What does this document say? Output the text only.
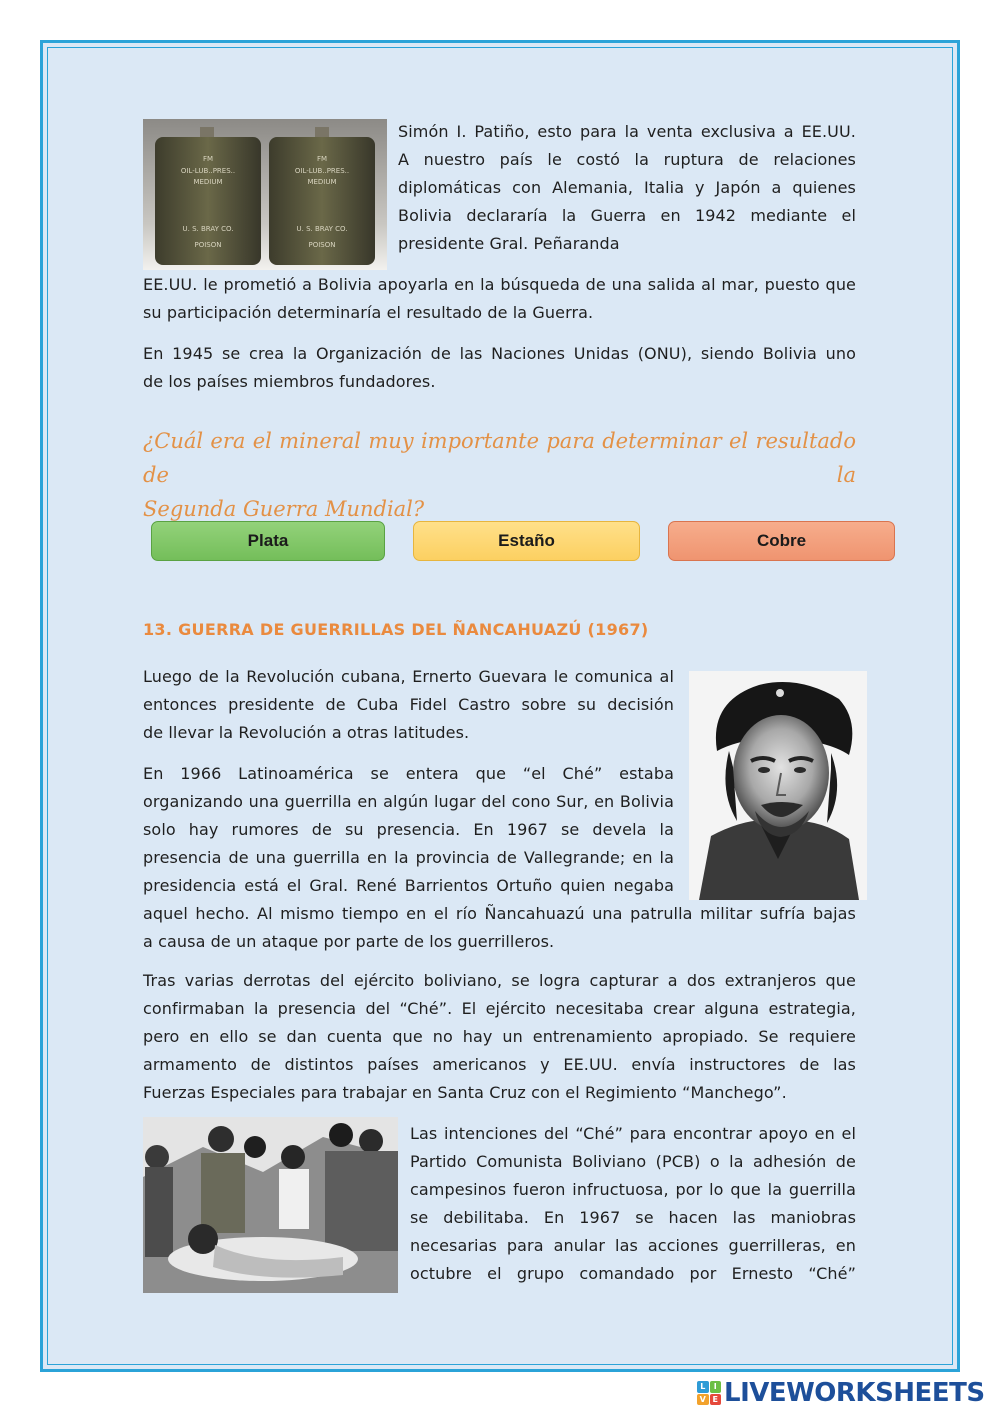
FM
OIL-LUB..PRES..
MEDIUM
U. S. BRAY CO.
POISON
FM
OIL-LUB..PRES..
MEDIUM
U. S. BRAY CO.
POISON
Simón I. Patiño, esto para la venta exclusiva a EE.UU.
A nuestro país le costó la ruptura de relaciones
diplomáticas con Alemania, Italia y Japón a quienes
Bolivia declararía la Guerra en 1942 mediante el
presidente Gral. Peñaranda
EE.UU. le prometió a Bolivia apoyarla en la búsqueda de una salida al mar, puesto que
su participación determinaría el resultado de la Guerra.
En 1945 se crea la Organización de las Naciones Unidas (ONU), siendo Bolivia uno
de los países miembros fundadores.
¿Cuál era el mineral muy importante para determinar el resultado de la
Segunda Guerra Mundial?
Plata	Estaño	Cobre
13. GUERRA DE GUERRILLAS DEL ÑANCAHUAZÚ (1967)
Luego de la Revolución cubana, Ernerto Guevara le comunica al
entonces presidente de Cuba Fidel Castro sobre su decisión
de llevar la Revolución a otras latitudes.
En 1966 Latinoamérica se entera que “el Ché” estaba
organizando una guerrilla en algún lugar del cono Sur, en Bolivia
solo hay rumores de su presencia. En 1967 se devela la
presencia de una guerrilla en la provincia de Vallegrande; en la
presidencia está el Gral. René Barrientos Ortuño quien negaba
aquel hecho. Al mismo tiempo en el río Ñancahuazú una patrulla militar sufría bajas
a causa de un ataque por parte de los guerrilleros.
Tras varias derrotas del ejército boliviano, se logra capturar a dos extranjeros que
confirmaban la presencia del “Ché”. El ejército necesitaba crear alguna estrategia,
pero en ello se dan cuenta que no hay un entrenamiento apropiado. Se requiere
armamento de distintos países americanos y EE.UU. envía instructores de las
Fuerzas Especiales para trabajar en Santa Cruz con el Regimiento “Manchego”.
Las intenciones del “Ché” para encontrar apoyo en el
Partido Comunista Boliviano (PCB) o la adhesión de
campesinos fueron infructuosa, por lo que la guerrilla
se debilitaba. En 1967 se hacen las maniobras
necesarias para anular las acciones guerrilleras, en
octubre el grupo comandado por Ernesto “Ché”
L	I
V E LIVEWORKSHEETS
